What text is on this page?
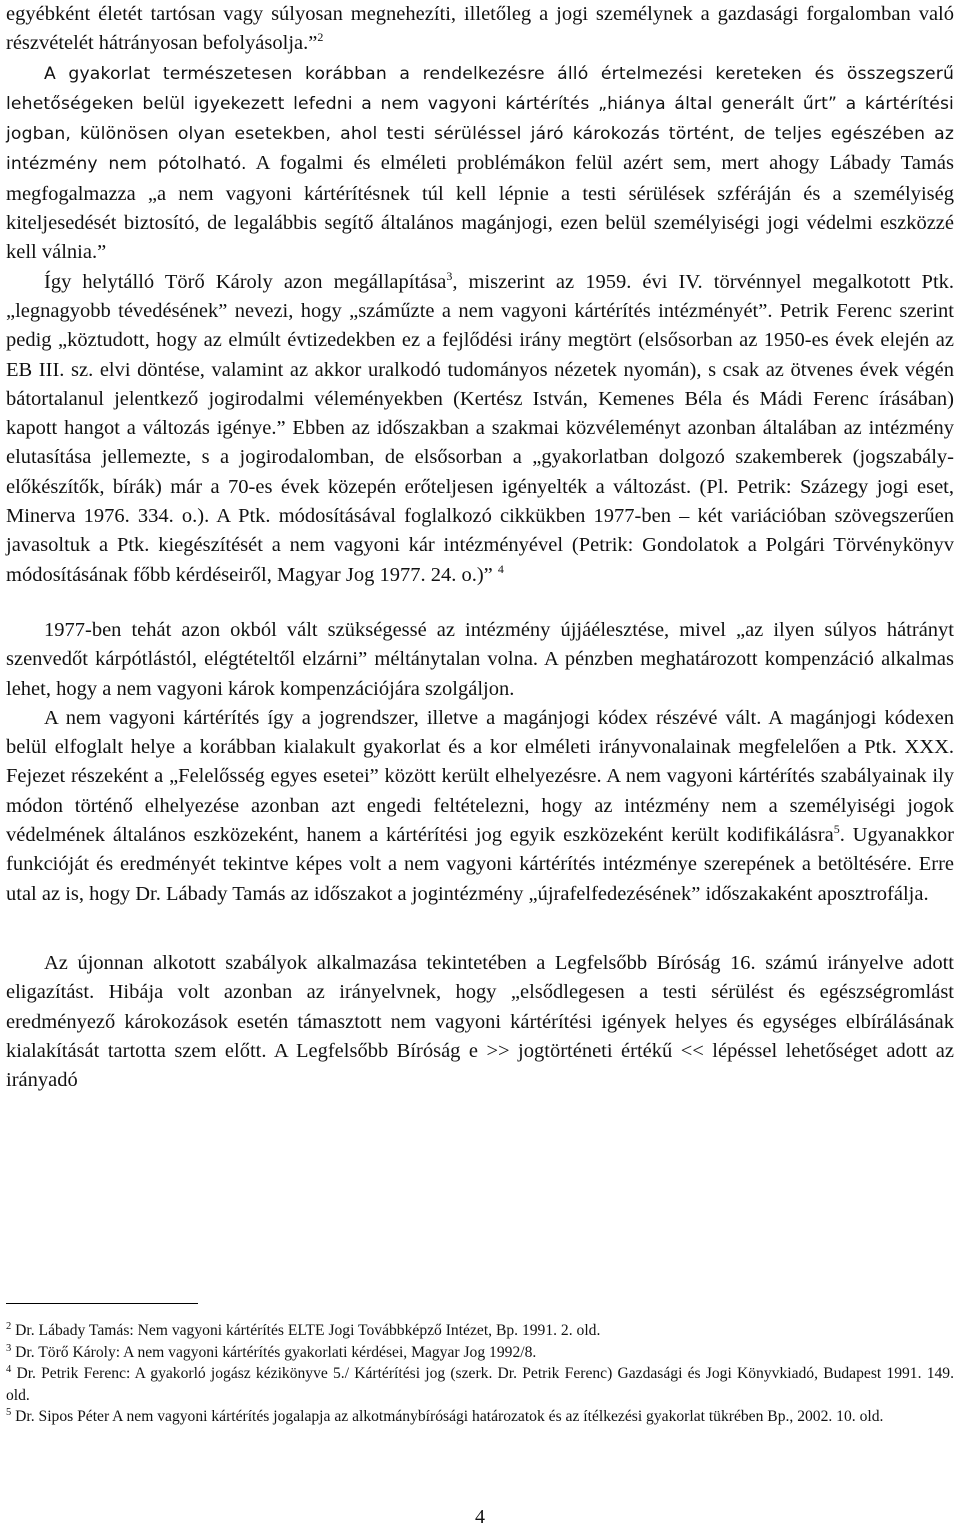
egyébként életét tartósan vagy súlyosan megnehezíti, illetőleg a jogi személynek a gazdasági forgalomban való részvételét hátrányosan befolyásolja.”$^2$

A gyakorlat természetesen korábban a rendelkezésre álló értelmezési kereteken és összegszerű lehetőségeken belül igyekezett lefedni a nem vagyoni kártérítés „hiánya által generált űrt” a kártérítési jogban, különösen olyan esetekben, ahol testi sérüléssel járó károkozás történt, de teljes egészében az intézmény nem pótolható. A fogalmi és elméleti problémákon felül azért sem, mert ahogy Lábady Tamás megfogalmazza „a nem vagyoni kártérítésnek túl kell lépnie a testi sérülések szféráján és a személyiség kiteljesedését biztosító, de legalábbis segítő általános magánjogi, ezen belül személyiségi jogi védelmi eszközzé kell válnia.”

Így helytálló Törő Károly azon megállapítása$^3$, miszerint az 1959. évi IV. törvénnyel megalkotott Ptk. „legnagyobb tévedésének” nevezi, hogy „száműzte a nem vagyoni kártérítés intézményét”. Petrik Ferenc szerint pedig „köztudott, hogy az elmúlt évtizedekben ez a fejlődési irány megtört (elsősorban az 1950-es évek elején az EB III. sz. elvi döntése, valamint az akkor uralkodó tudományos nézetek nyomán), s csak az ötvenes évek végén bátortalanul jelentkező jogirodalmi véleményekben (Kertész István, Kemenes Béla és Mádi Ferenc írásában) kapott hangot a változás igénye.” Ebben az időszakban a szakmai közvéleményt azonban általában az intézmény elutasítása jellemezte, s a jogirodalomban, de elsősorban a „gyakorlatban dolgozó szakemberek (jogszabály-előkészítők, bírák) már a 70-es évek közepén erőteljesen igényelték a változást. (Pl. Petrik: Százegy jogi eset, Minerva 1976. 334. o.). A Ptk. módosításával foglalkozó cikkükben 1977-ben – két variációban szövegszerűen javasoltuk a Ptk. kiegészítését a nem vagyoni kár intézményével (Petrik: Gondolatok a Polgári Törvénykönyv módosításának főbb kérdéseiről, Magyar Jog 1977. 24. o.)” $^4$

1977-ben tehát azon okból vált szükségessé az intézmény újjáélesztése, mivel „az ilyen súlyos hátrányt szenvedőt kárpótlástól, elégtételtől elzárni” méltánytalan volna. A pénzben meghatározott kompenzáció alkalmas lehet, hogy a nem vagyoni károk kompenzációjára szolgáljon.

A nem vagyoni kártérítés így a jogrendszer, illetve a magánjogi kódex részévé vált. A magánjogi kódexen belül elfoglalt helye a korábban kialakult gyakorlat és a kor elméleti irányvonalainak megfelelően a Ptk. XXX. Fejezet részeként a „Felelősség egyes esetei” között került elhelyezésre. A nem vagyoni kártérítés szabályainak ily módon történő elhelyezése azonban azt engedi feltételezni, hogy az intézmény nem a személyiségi jogok védelmének általános eszközeként, hanem a kártérítési jog egyik eszközeként került kodifikálásra$^5$. Ugyanakkor funkcióját és eredményét tekintve képes volt a nem vagyoni kártérítés intézménye szerepének a betöltésére. Erre utal az is, hogy Dr. Lábady Tamás az időszakot a jogintézmény „újrafelfedezésének” időszakaként aposztrofálja.

Az újonnan alkotott szabályok alkalmazása tekintetében a Legfelsőbb Bíróság 16. számú irányelve adott eligazítást. Hibája volt azonban az irányelvnek, hogy „elsődlegesen a testi sérülést és egészségromlást eredményező károkozások esetén támasztott nem vagyoni kártérítési igények helyes és egységes elbírálásának kialakítását tartotta szem előtt. A Legfelsőbb Bíróság e >> jogtörténeti értékű << lépéssel lehetőséget adott az irányadó

$^2$ Dr. Lábady Tamás: Nem vagyoni kártérítés ELTE Jogi Továbbképző Intézet, Bp. 1991. 2. old.

$^3$ Dr. Törő Károly: A nem vagyoni kártérítés gyakorlati kérdései, Magyar Jog 1992/8.

$^4$ Dr. Petrik Ferenc: A gyakorló jogász kézikönyve 5./ Kártérítési jog (szerk. Dr. Petrik Ferenc) Gazdasági és Jogi Könyvkiadó, Budapest 1991. 149. old.

$^5$ Dr. Sipos Péter A nem vagyoni kártérítés jogalapja az alkotmánybírósági határozatok és az ítélkezési gyakorlat tükrében Bp., 2002. 10. old.

4
